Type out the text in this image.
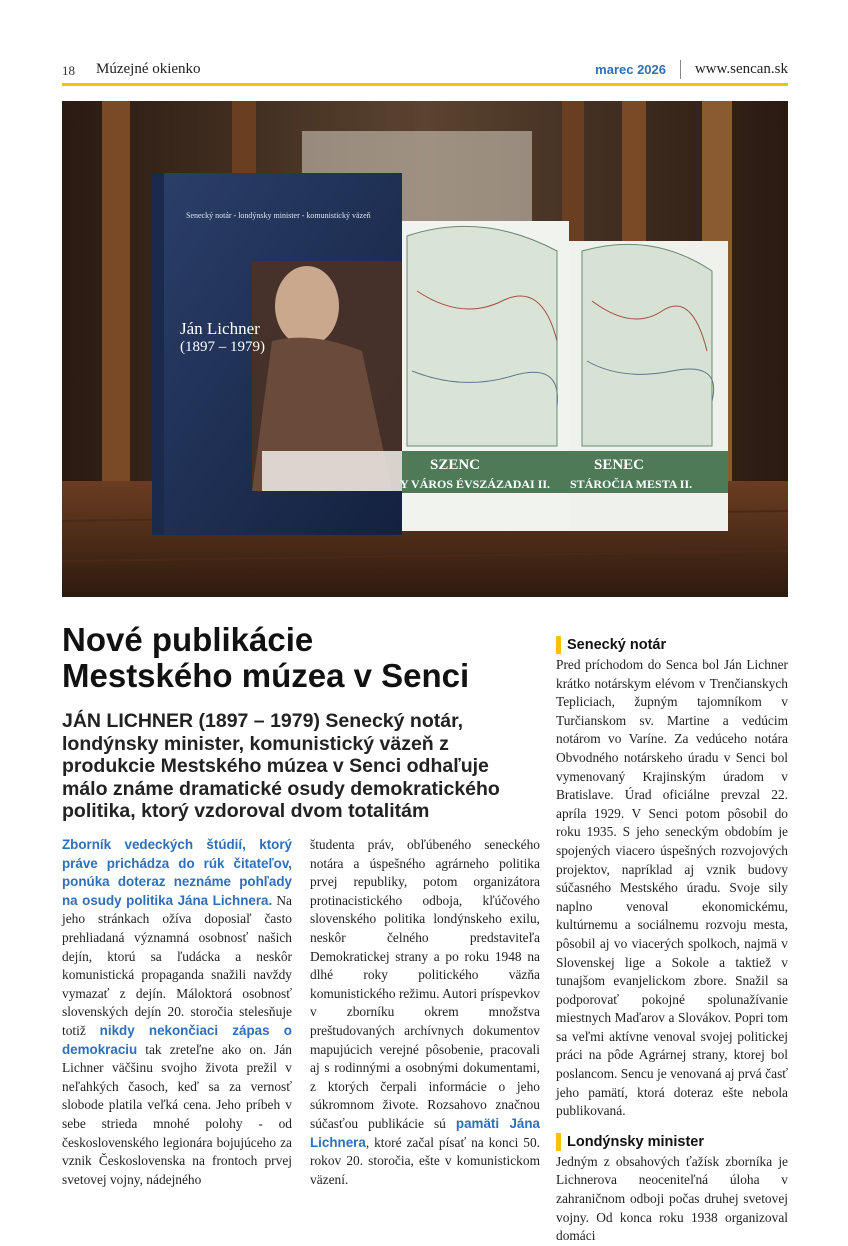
18 Múzejné okienko	marec 2026 www.sencan.sk
Senecký notár - londýnsky minister - komunistický väzeň
Ján Lichner
(1897 – 1979)
SZENC
Y VÁROS ÉVSZÁZADAI II.
SENEC
STÁROČIA MESTA II.
Nové publikácie
Mestského múzea v Senci

JÁN LICHNER (1897 – 1979) Senecký notár, londýnsky minister, komunistický väzeň z produkcie Mestského múzea v Senci odhaľuje málo známe dramatické osudy demokratického politika, ktorý vzdoroval dvom totalitám

Zborník vedeckých štúdií, ktorý práve prichádza do rúk čitateľov, ponúka doteraz neznáme pohľady na osudy politika Jána Lichnera. Na jeho stránkach ožíva doposiaľ často prehliadaná významná osobnosť našich dejín, ktorú sa ľudácka a neskôr komunistická propaganda snažili navždy vymazať z dejín. Máloktorá osobnosť slovenských dejín 20. storočia stelesňuje totiž nikdy nekončiaci zápas o demokraciu tak zreteľne ako on. Ján Lichner väčšinu svojho života prežil v neľahkých časoch, keď sa za vernosť slobode platila veľká cena. Jeho príbeh v sebe strieda mnohé polohy - od československého legionára bojujúceho za vznik Československa na frontoch prvej svetovej vojny, nádejného

študenta práv, obľúbeného seneckého notára a úspešného agrárneho politika prvej republiky, potom organizátora protinacistického odboja, kľúčového slovenského politika londýnskeho exilu, neskôr čelného predstaviteľa Demokratickej strany a po roku 1948 na dlhé roky politického väzňa komunistického režimu. Autori príspevkov v zborníku okrem množstva preštudovaných archívnych dokumentov mapujúcich verejné pôsobenie, pracovali aj s rodinnými a osobnými dokumentami, z ktorých čerpali informácie o jeho súkromnom živote. Rozsahovo značnou súčasťou publikácie sú pamäti Jána Lichnera, ktoré začal písať na konci 50. rokov 20. storočia, ešte v komunistickom väzení.

Senecký notár

Pred príchodom do Senca bol Ján Lichner krátko notárskym elévom v Trenčianskych Tepliciach, župným tajomníkom v Turčianskom sv. Martine a vedúcim notárom vo Varíne. Za vedúceho notára Obvodného notárskeho úradu v Senci bol vymenovaný Krajinským úradom v Bratislave. Úrad oficiálne prevzal 22. apríla 1929. V Senci potom pôsobil do roku 1935. S jeho seneckým obdobím je spojených viacero úspešných rozvojových projektov, napríklad aj vznik budovy súčasného Mestského úradu. Svoje sily naplno venoval ekonomickému, kultúrnemu a sociálnemu rozvoju mesta, pôsobil aj vo viacerých spolkoch, najmä v Slovenskej lige a Sokole a taktiež v tunajšom evanjelickom zbore. Snažil sa podporovať pokojné spolunažívanie miestnych Maďarov a Slovákov. Popri tom sa veľmi aktívne venoval svojej politickej práci na pôde Agrárnej strany, ktorej bol poslancom. Sencu je venovaná aj prvá časť jeho pamätí, ktorá doteraz ešte nebola publikovaná.

Londýnsky minister

Jedným z obsahových ťažísk zborníka je Lichnerova neoceniteľná úloha v zahraničnom odboji počas druhej svetovej vojny. Od konca roku 1938 organizoval domáci
